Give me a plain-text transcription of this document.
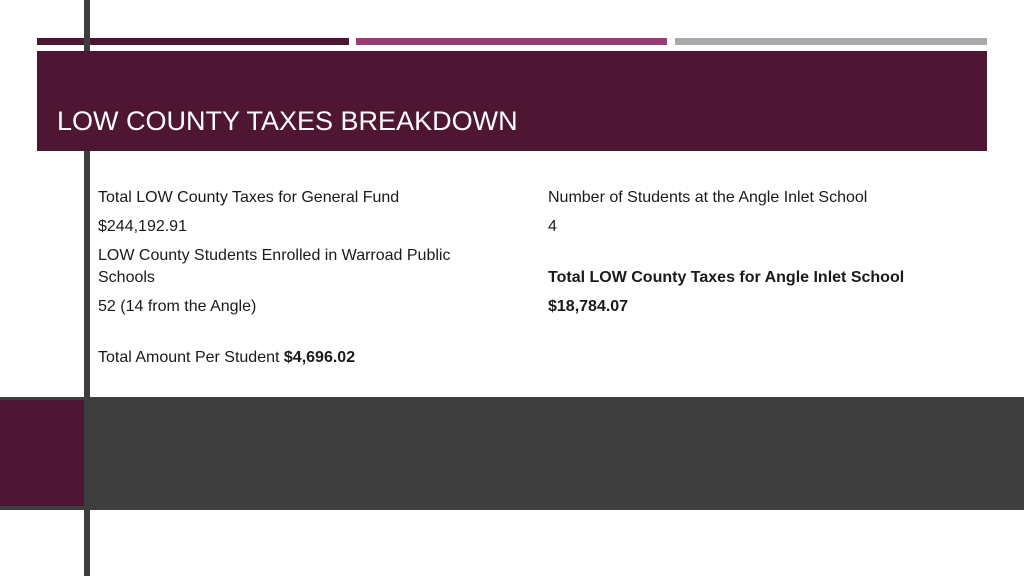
LOW COUNTY TAXES BREAKDOWN

Total LOW County Taxes for General Fund

$244,192.91

LOW County Students Enrolled in Warroad Public Schools

52 (14 from the Angle)

Total Amount Per Student $4,696.02

Number of Students at the Angle Inlet School

4

Total LOW County Taxes for Angle Inlet School

$18,784.07
